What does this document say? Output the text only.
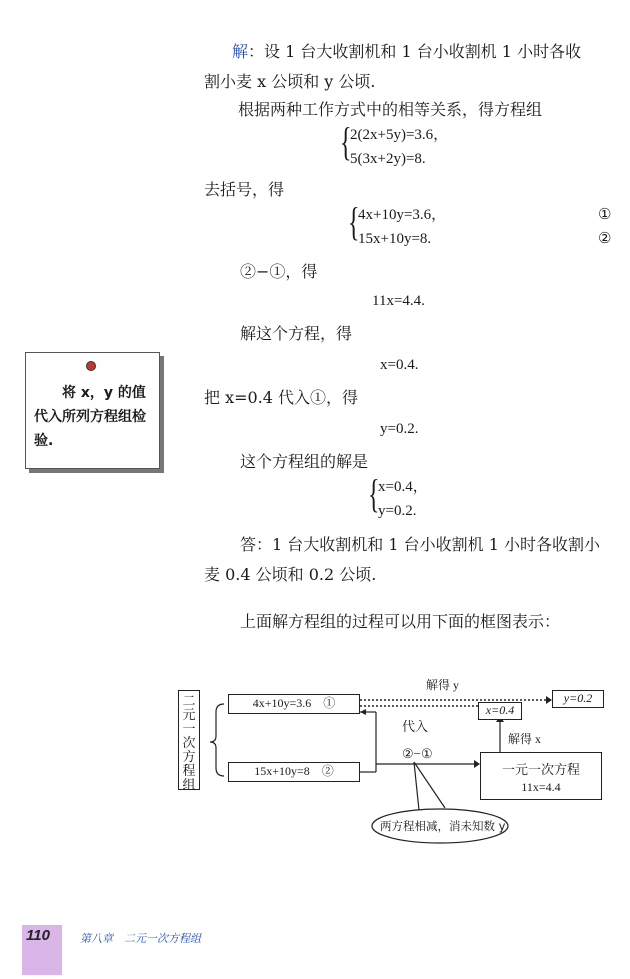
解：设 1 台大收割机和 1 台小收割机 1 小时各收
割小麦 x 公顷和 y 公顷.
根据两种工作方式中的相等关系，得方程组
{
2(2x+5y)=3.6，
5(3x+2y)=8.
去括号，得
{
4x+10y=3.6，
15x+10y=8.
①
②
②−①，得
11x=4.4.
解这个方程，得
x=0.4.
把 x=0.4 代入①，得
y=0.2.
这个方程组的解是
{
x=0.4，
y=0.2.
答：1 台大收割机和 1 台小收割机 1 小时各收割小
麦 0.4 公顷和 0.2 公顷.
上面解方程组的过程可以用下面的框图表示：
将 x，y 的值代入所列方程组检验.
二元一次方程组
4x+10y=3.6　①
15x+10y=8　②
解得 y
y=0.2
x=0.4
代入
②−①
解得 x
一元一次方程
11x=4.4
两方程相减，消未知数 y
110	第八章　二元一次方程组
